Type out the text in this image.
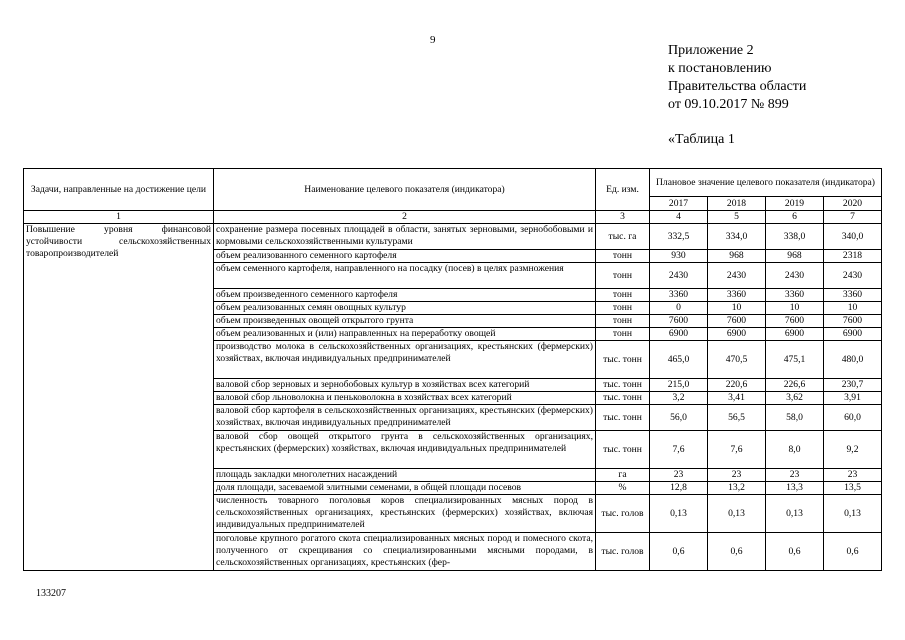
9
Приложение 2
к постановлению
Правительства области
от 09.10.2017 № 899
«Таблица 1
Задачи, направленные на достижение цели	Наименование целевого показателя (индикатора)	Ед. изм.	Плановое значение целевого показателя (индикатора)			
			2017	2018	2019	2020
1	2	3	4	5	6	7
Повышение уровня финансовой устойчивости сельскохозяйственных товаропроизводителей	сохранение размера посевных площадей в области, занятых зерновыми, зернобобовыми и кормовыми сельскохозяйственными культурами	тыс. га	332,5	334,0	338,0	340,0
	объем реализованного семенного картофеля	тонн	930	968	968	2318
	объем семенного картофеля, направленного на посадку (посев) в целях размножения	тонн	2430	2430	2430	2430
	объем произведенного семенного картофеля	тонн	3360	3360	3360	3360
	объем реализованных семян овощных культур	тонн	0	10	10	10
	объем произведенных овощей открытого грунта	тонн	7600	7600	7600	7600
	объем реализованных и (или) направленных на переработку овощей	тонн	6900	6900	6900	6900
	производство молока в сельскохозяйственных организациях, крестьянских (фермерских) хозяйствах, включая индивидуальных предпринимателей	тыс. тонн	465,0	470,5	475,1	480,0
	валовой сбор зерновых и зернобобовых культур в хозяйствах всех категорий	тыс. тонн	215,0	220,6	226,6	230,7
	валовой сбор льноволокна и пеньковолокна в хозяйствах всех категорий	тыс. тонн	3,2	3,41	3,62	3,91
	валовой сбор картофеля в сельскохозяйственных организациях, крестьянских (фермерских) хозяйствах, включая индивидуальных предпринимателей	тыс. тонн	56,0	56,5	58,0	60,0
	валовой сбор овощей открытого грунта в сельскохозяйственных организациях, крестьянских (фермерских) хозяйствах, включая индивидуальных предпринимателей	тыс. тонн	7,6	7,6	8,0	9,2
	площадь закладки многолетних насаждений	га	23	23	23	23
	доля площади, засеваемой элитными семенами, в общей площади посевов	%	12,8	13,2	13,3	13,5
	численность товарного поголовья коров специализированных мясных пород в сельскохозяйственных организациях, крестьянских (фермерских) хозяйствах, включая индивидуальных предпринимателей	тыс. голов	0,13	0,13	0,13	0,13
	поголовье крупного рогатого скота специализированных мясных пород и помесного скота, полученного от скрещивания со специализированными мясными породами, в сельскохозяйственных организациях, крестьянских (фер-	тыс. голов	0,6	0,6	0,6	0,6
133207
